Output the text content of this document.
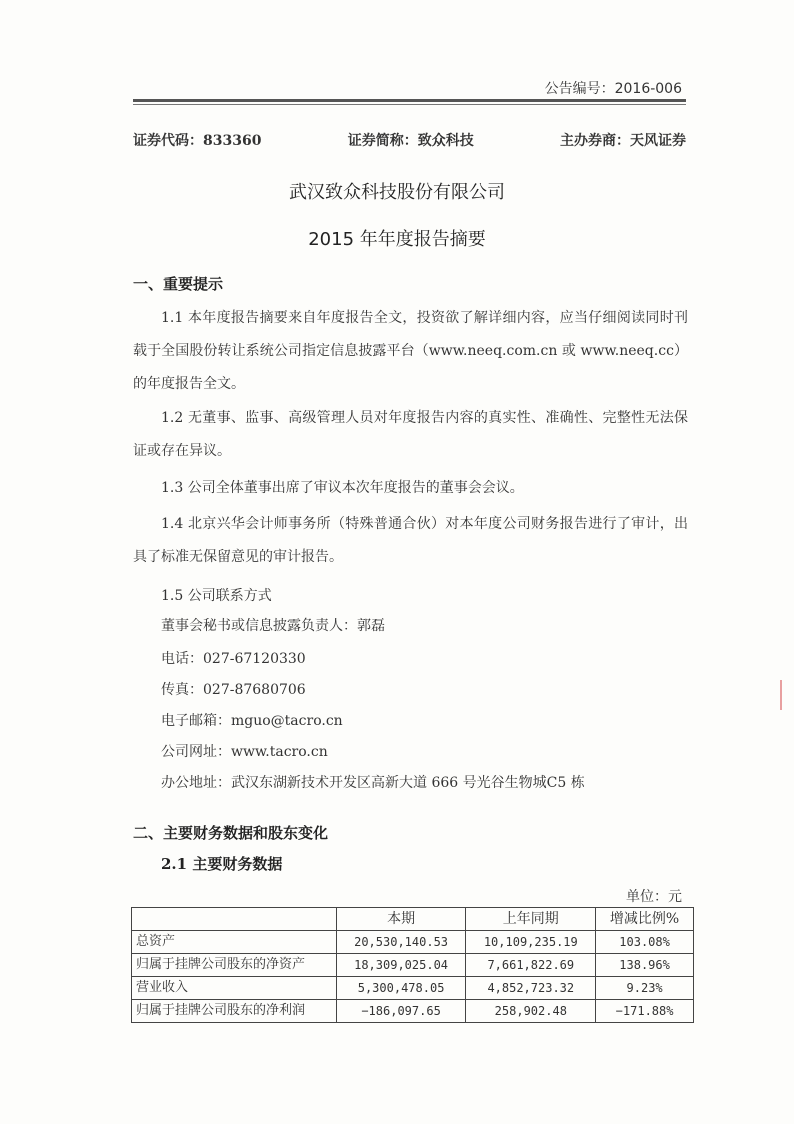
公告编号：2016-006
证券代码：833360	证券简称：致众科技	主办券商：天风证券
武汉致众科技股份有限公司
2015 年年度报告摘要
一、重要提示
1.1 本年度报告摘要来自年度报告全文，投资欲了解详细内容，应当仔细阅读同时刊载于全国股份转让系统公司指定信息披露平台（www.neeq.com.cn 或 www.neeq.cc）的年度报告全文。
1.2 无董事、监事、高级管理人员对年度报告内容的真实性、准确性、完整性无法保证或存在异议。
1.3 公司全体董事出席了审议本次年度报告的董事会会议。
1.4 北京兴华会计师事务所（特殊普通合伙）对本年度公司财务报告进行了审计，出具了标准无保留意见的审计报告。
1.5 公司联系方式
董事会秘书或信息披露负责人：郭磊
电话：027-67120330
传真：027-87680706
电子邮箱：mguo@tacro.cn
公司网址：www.tacro.cn
办公地址：武汉东湖新技术开发区高新大道 666 号光谷生物城C5 栋
二、主要财务数据和股东变化
2.1 主要财务数据
单位：元
	本期	上年同期	增减比例%
总资产	20,530,140.53	10,109,235.19	103.08%
归属于挂牌公司股东的净资产	18,309,025.04	7,661,822.69	138.96%
营业收入	5,300,478.05	4,852,723.32	9.23%
归属于挂牌公司股东的净利润	−186,097.65	258,902.48	−171.88%
